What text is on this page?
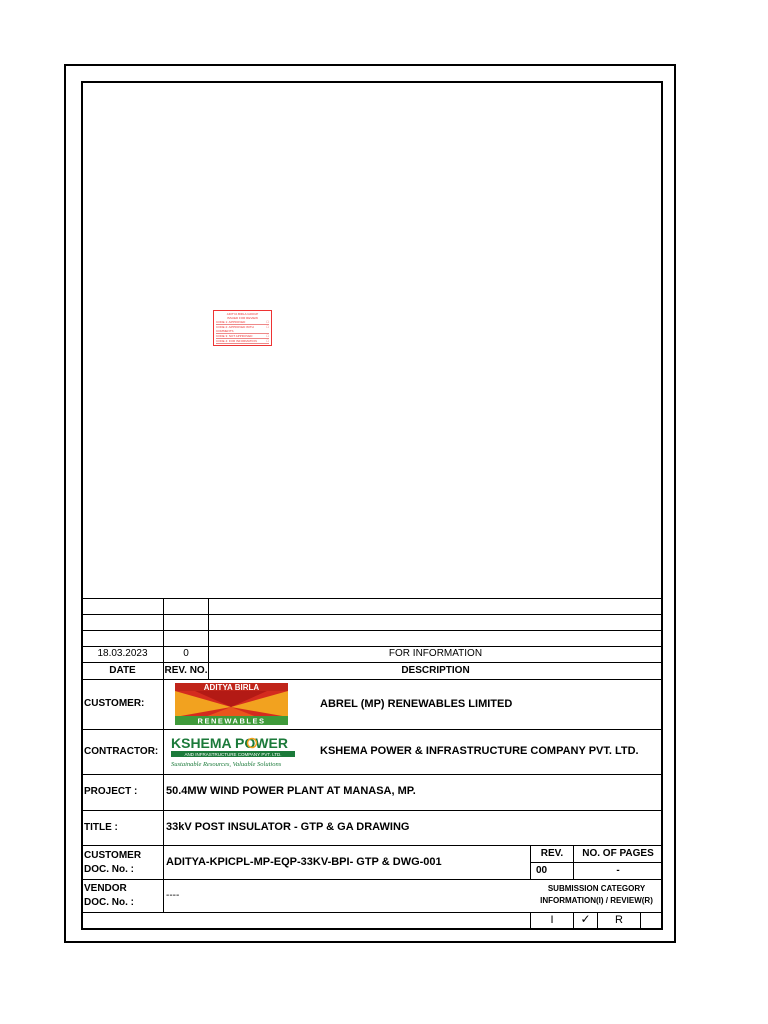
ADITYA BIRLA GROUP
ISSUED FOR REVIEW
CODE 1: APPROVED	☐
CODE 2: APPROVED WITH COMMENTS
☐
CODE 3: NOT APPROVED	☐
CODE 4: FOR INFORMATION	☐
REVIEWED BY
18.03.2023	0	FOR INFORMATION
DATE	REV. NO.	DESCRIPTION
CUSTOMER:
ADITYA BIRLA
RENEWABLES
ABREL (MP) RENEWABLES LIMITED
CONTRACTOR:
KSHEMA POWER
AND INFRASTRUCTURE COMPANY PVT. LTD.
Sustainable Resources, Valuable Solutions
KSHEMA POWER & INFRASTRUCTURE COMPANY PVT. LTD.
PROJECT :	50.4MW WIND POWER PLANT AT MANASA, MP.
TITLE :	33kV POST INSULATOR - GTP & GA DRAWING
CUSTOMER
DOC. No. :
ADITYA-KPICPL-MP-EQP-33KV-BPI- GTP & DWG-001
REV.	NO. OF PAGES
00	-
VENDOR
DOC. No. :
----
SUBMISSION CATEGORY
INFORMATION(I) / REVIEW(R)
I	✓	R
